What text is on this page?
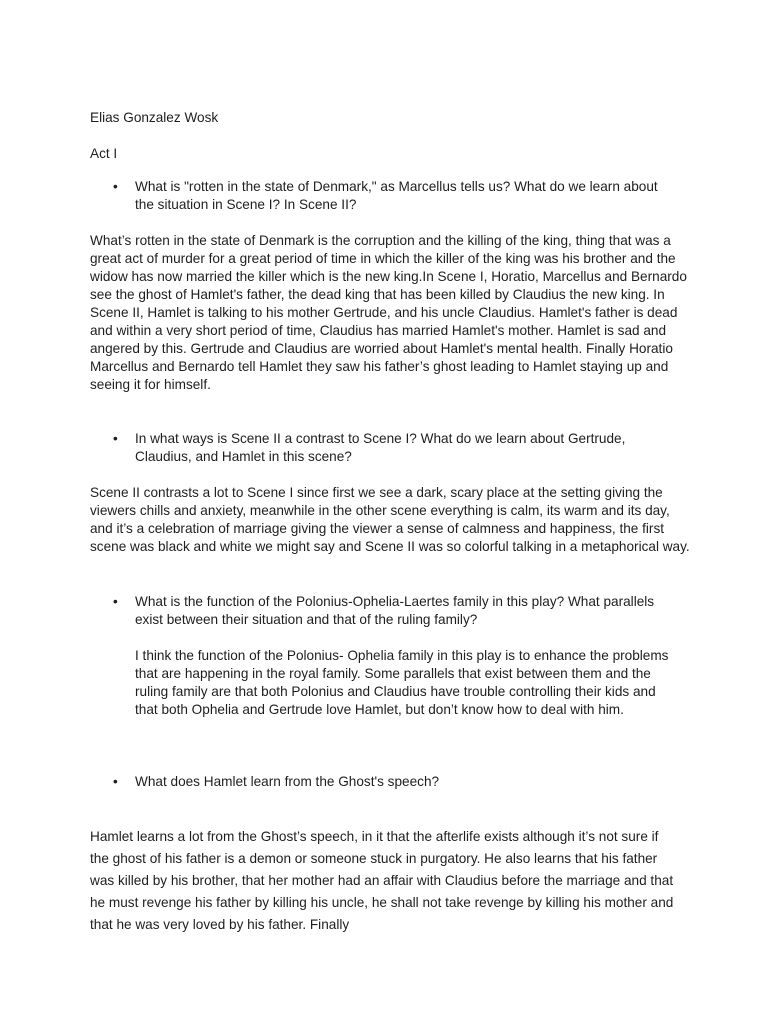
Elias Gonzalez Wosk

Act I

• What is "rotten in the state of Denmark," as Marcellus tells us? What do we learn about the situation in Scene I? In Scene II?

What’s rotten in the state of Denmark is the corruption and the killing of the king, thing that was a great act of murder for a great period of time in which the killer of the king was his brother and the widow has now married the killer which is the new king.In Scene I, Horatio, Marcellus and Bernardo see the ghost of Hamlet's father, the dead king that has been killed by Claudius the new king. In Scene II, Hamlet is talking to his mother Gertrude, and his uncle Claudius. Hamlet's father is dead and within a very short period of time, Claudius has married Hamlet's mother. Hamlet is sad and angered by this. Gertrude and Claudius are worried about Hamlet's mental health. Finally Horatio Marcellus and Bernardo tell Hamlet they saw his father’s ghost leading to Hamlet staying up and seeing it for himself.

• In what ways is Scene II a contrast to Scene I? What do we learn about Gertrude, Claudius, and Hamlet in this scene?

Scene II contrasts a lot to Scene I since first we see a dark, scary place at the setting giving the viewers chills and anxiety, meanwhile in the other scene everything is calm, its warm and its day, and it’s a celebration of marriage giving the viewer a sense of calmness and happiness, the first scene was black and white we might say and Scene II was so colorful talking in a metaphorical way.

• What is the function of the Polonius-Ophelia-Laertes family in this play? What parallels exist between their situation and that of the ruling family?

I think the function of the Polonius- Ophelia family in this play is to enhance the problems that are happening in the royal family. Some parallels that exist between them and the ruling family are that both Polonius and Claudius have trouble controlling their kids and that both Ophelia and Gertrude love Hamlet, but don’t know how to deal with him.

• What does Hamlet learn from the Ghost's speech?

Hamlet learns a lot from the Ghost’s speech, in it that the afterlife exists although it’s not sure if the ghost of his father is a demon or someone stuck in purgatory. He also learns that his father was killed by his brother, that her mother had an affair with Claudius before the marriage and that he must revenge his father by killing his uncle, he shall not take revenge by killing his mother and that he was very loved by his father. Finally
